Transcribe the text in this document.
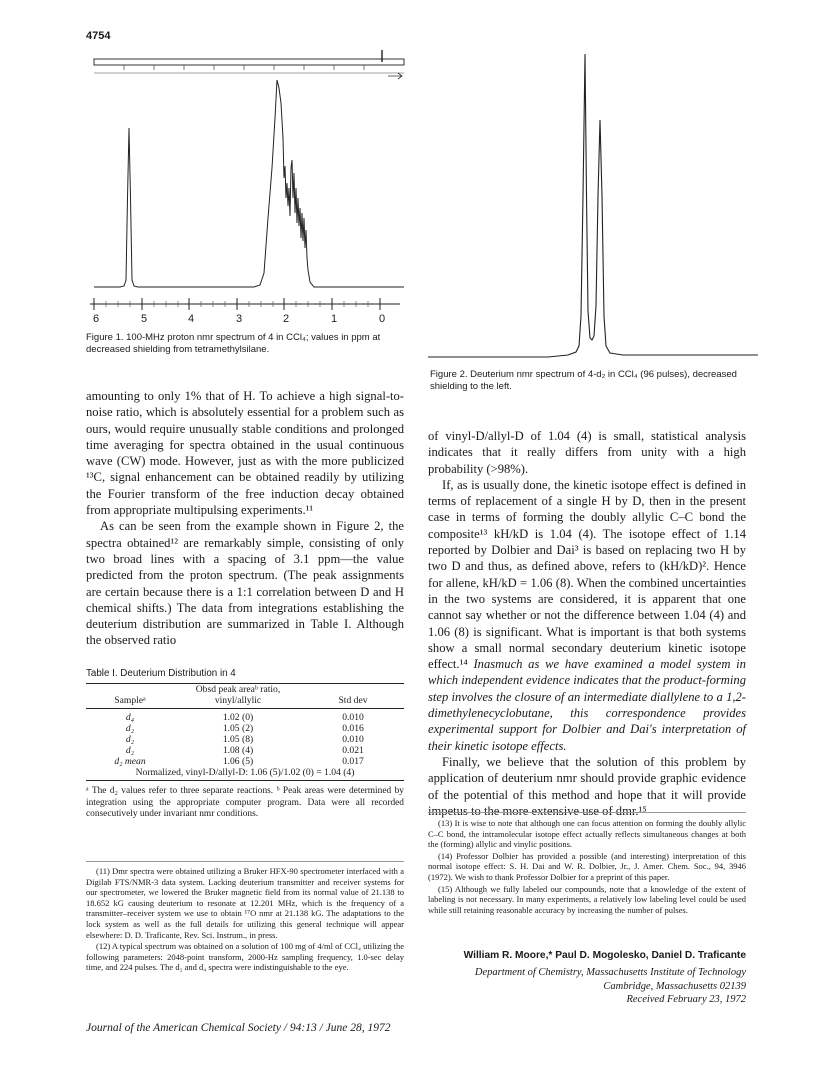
4754
6	5	4	3	2	1	0
Figure 1. 100-MHz proton nmr spectrum of 4 in CCl₄; values in ppm at decreased shielding from tetramethylsilane.
Figure 2. Deuterium nmr spectrum of 4-d₂ in CCl₄ (96 pulses), decreased shielding to the left.

amounting to only 1% that of H. To achieve a high signal-to-noise ratio, which is absolutely essential for a problem such as ours, would require unusually stable conditions and prolonged time averaging for spectra obtained in the usual continuous wave (CW) mode. However, just as with the more publicized ¹³C, signal enhancement can be obtained readily by utilizing the Fourier transform of the free induction decay obtained from appropriate multipulsing experiments.¹¹

As can be seen from the example shown in Figure 2, the spectra obtained¹² are remarkably simple, consisting of only two broad lines with a spacing of 3.1 ppm—the value predicted from the proton spectrum. (The peak assignments are certain because there is a 1:1 correlation between D and H chemical shifts.) The data from integrations establishing the deuterium distribution are summarized in Table I. Although the observed ratio

Table I. Deuterium Distribution in 4
Sampleᵃ	Obsd peak areaᵇ ratio, vinyl/allylic	Std dev
d₄	1.02 (0)	0.010
d₂	1.05 (2)	0.016
d₂	1.05 (8)	0.010
d₂	1.08 (4)	0.021
d₂ mean	1.06 (5)	0.017
Normalized, vinyl-D/allyl-D: 1.06 (5)/1.02 (0) = 1.04 (4)		
ᵃ The d₂ values refer to three separate reactions. ᵇ Peak areas were determined by integration using the appropriate computer program. Data were all recorded consecutively under invariant nmr conditions.

(11) Dmr spectra were obtained utilizing a Bruker HFX-90 spectrometer interfaced with a Digilab FTS/NMR-3 data system. Lacking deuterium transmitter and receiver systems for our spectrometer, we lowered the Bruker magnetic field from its normal value of 21.138 to 18.652 kG causing deuterium to resonate at 12.201 MHz, which is the frequency of a transmitter–receiver system we use to obtain ¹⁷O nmr at 21.138 kG. The adaptations to the lock system as well as the full details for utilizing this general technique will appear elsewhere: D. D. Traficante, Rev. Sci. Instrum., in press.

(12) A typical spectrum was obtained on a solution of 100 mg of 4/ml of CCl₄ utilizing the following parameters: 2048-point transform, 2000-Hz sampling frequency, 1.0-sec delay time, and 224 pulses. The d₂ and d₄ spectra were indistinguishable to the eye.

of vinyl-D/allyl-D of 1.04 (4) is small, statistical analysis indicates that it really differs from unity with a high probability (>98%).

If, as is usually done, the kinetic isotope effect is defined in terms of replacement of a single H by D, then in the present case in terms of forming the doubly allylic C–C bond the composite¹³ kH/kD is 1.04 (4). The isotope effect of 1.14 reported by Dolbier and Dai³ is based on replacing two H by two D and thus, as defined above, refers to (kH/kD)². Hence for allene, kH/kD = 1.06 (8). When the combined uncertainties in the two systems are considered, it is apparent that one cannot say whether or not the difference between 1.04 (4) and 1.06 (8) is significant. What is important is that both systems show a small normal secondary deuterium kinetic isotope effect.¹⁴ Inasmuch as we have examined a model system in which independent evidence indicates that the product-forming step involves the closure of an intermediate diallylene to a 1,2-dimethylenecyclobutane, this correspondence provides experimental support for Dolbier and Dai's interpretation of their kinetic isotope effects.

Finally, we believe that the solution of this problem by application of deuterium nmr should provide graphic evidence of the potential of this method and hope that it will provide impetus to the more extensive use of dmr.¹⁵

(13) It is wise to note that although one can focus attention on forming the doubly allylic C–C bond, the intramolecular isotope effect actually reflects simultaneous changes at both the (forming) allylic and vinylic positions.

(14) Professor Dolbier has provided a possible (and interesting) interpretation of this normal isotope effect: S. H. Dai and W. R. Dolbier, Jr., J. Amer. Chem. Soc., 94, 3946 (1972). We wish to thank Professor Dolbier for a preprint of this paper.

(15) Although we fully labeled our compounds, note that a knowledge of the extent of labeling is not necessary. In many experiments, a relatively low labeling level could be used while still retaining reasonable accuracy by increasing the number of pulses.

William R. Moore,* Paul D. Mogolesko, Daniel D. Traficante
Department of Chemistry, Massachusetts Institute of Technology
Cambridge, Massachusetts 02139
Received February 23, 1972
Journal of the American Chemical Society / 94:13 / June 28, 1972
